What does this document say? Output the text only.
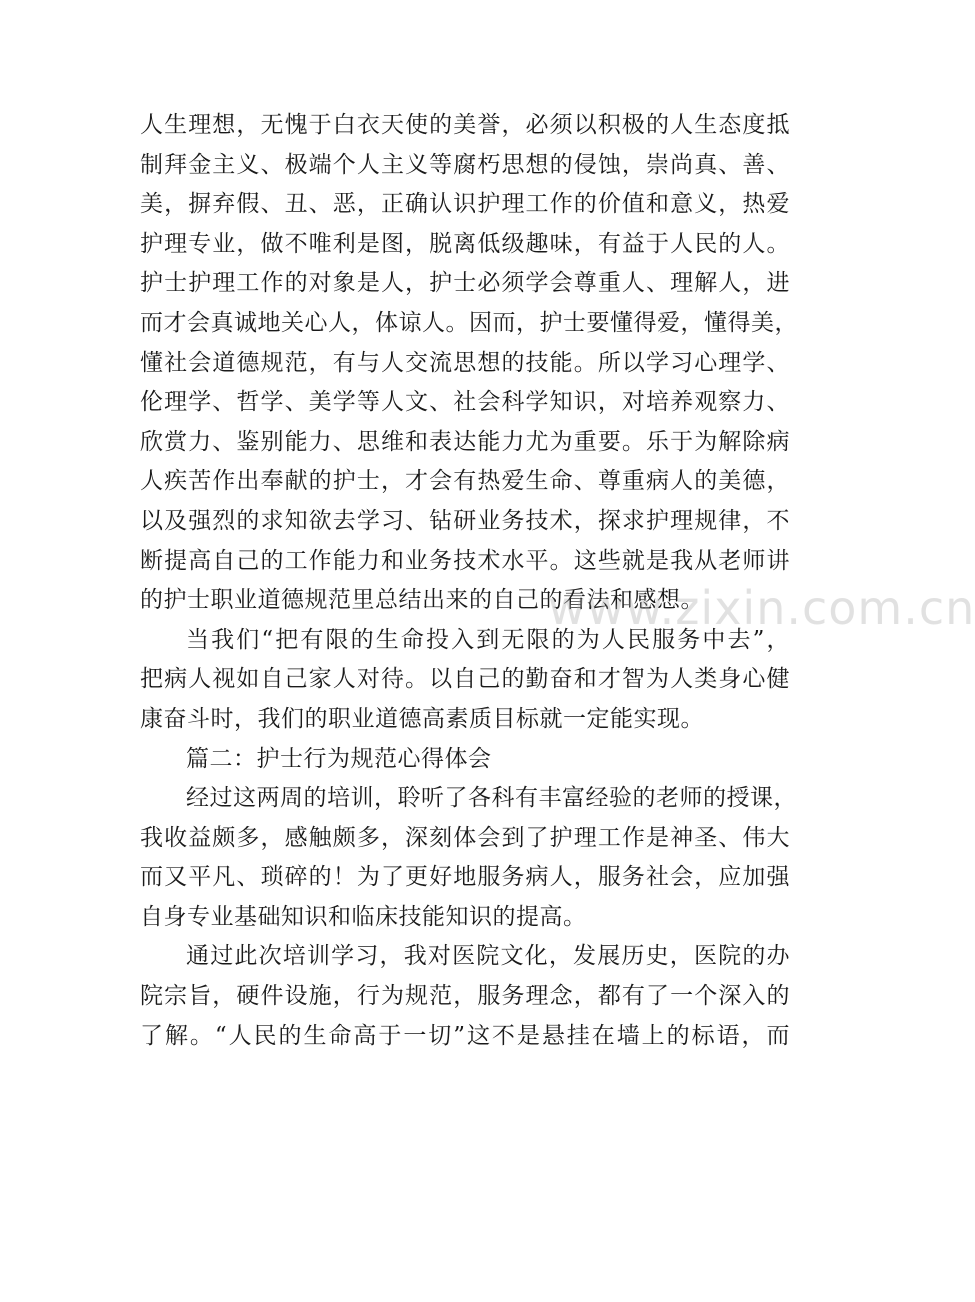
人生理想，无愧于白衣天使的美誉，必须以积极的人生态度抵
制拜金主义、极端个人主义等腐朽思想的侵蚀，崇尚真、善、
美，摒弃假、丑、恶，正确认识护理工作的价值和意义，热爱
护理专业，做不唯利是图，脱离低级趣味，有益于人民的人。
护士护理工作的对象是人，护士必须学会尊重人、理解人，进
而才会真诚地关心人，体谅人。因而，护士要懂得爱，懂得美，
懂社会道德规范，有与人交流思想的技能。所以学习心理学、
伦理学、哲学、美学等人文、社会科学知识，对培养观察力、
欣赏力、鉴别能力、思维和表达能力尤为重要。乐于为解除病
人疾苦作出奉献的护士，才会有热爱生命、尊重病人的美德，
以及强烈的求知欲去学习、钻研业务技术，探求护理规律，不
断提高自己的工作能力和业务技术水平。这些就是我从老师讲
的护士职业道德规范里总结出来的自己的看法和感想。
当我们“把有限的生命投入到无限的为人民服务中去”，
把病人视如自己家人对待。以自己的勤奋和才智为人类身心健
康奋斗时，我们的职业道德高素质目标就一定能实现。
篇二：护士行为规范心得体会
经过这两周的培训，聆听了各科有丰富经验的老师的授课，
我收益颇多，感触颇多，深刻体会到了护理工作是神圣、伟大
而又平凡、琐碎的！为了更好地服务病人，服务社会，应加强
自身专业基础知识和临床技能知识的提高。
通过此次培训学习，我对医院文化，发展历史，医院的办
院宗旨，硬件设施，行为规范，服务理念，都有了一个深入的
了解。“人民的生命高于一切”这不是悬挂在墙上的标语，而
www.zixin.com.cn
